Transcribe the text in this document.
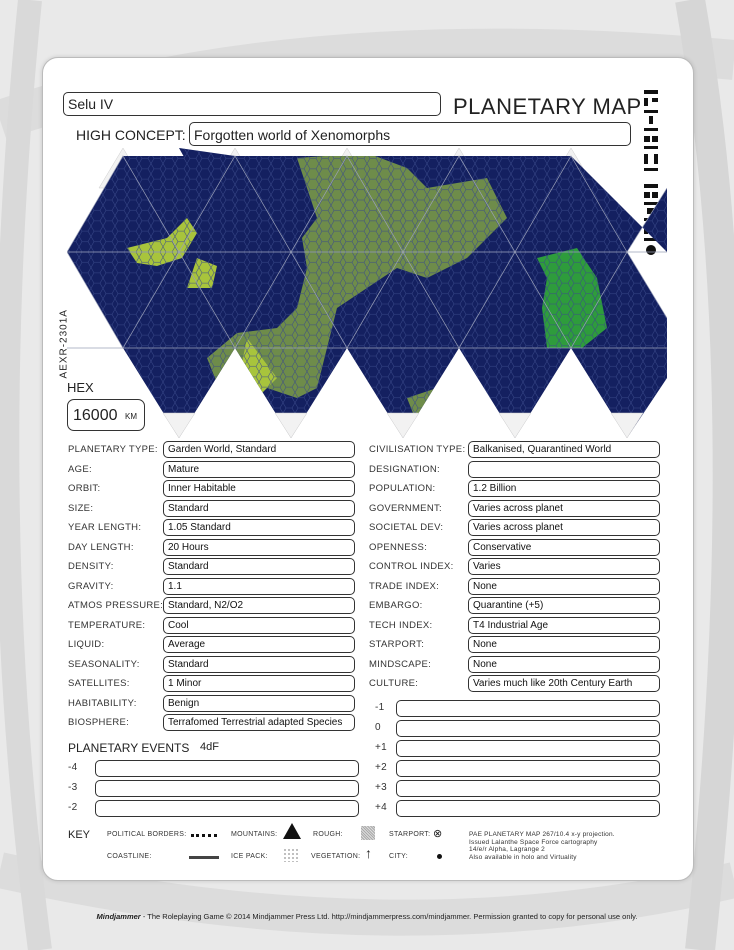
Selu IV	PLANETARY MAP
HIGH CONCEPT: Forgotten world of Xenomorphs
AEXR-2301A
HEX
16000 KM
PLANETARY TYPE:	Garden World, Standard
AGE:	Mature
ORBIT:	Inner Habitable
SIZE:	Standard
YEAR LENGTH:	1.05 Standard
DAY LENGTH:	20 Hours
DENSITY:	Standard
GRAVITY:	1.1
ATMOS PRESSURE: Standard, N2/O2
TEMPERATURE:	Cool
LIQUID:	Average
SEASONALITY:	Standard
SATELLITES:	1 Minor
HABITABILITY:	Benign
BIOSPHERE:	Terrafomed Terrestrial adapted Species
CIVILISATION TYPE: Balkanised, Quarantined World
DESIGNATION:
POPULATION:	1.2 Billion
GOVERNMENT:	Varies across planet
SOCIETAL DEV:	Varies across planet
OPENNESS:	Conservative
CONTROL INDEX:	Varies
TRADE INDEX:	None
EMBARGO:	Quarantine (+5)
TECH INDEX:	T4 Industrial Age
STARPORT:	None
MINDSCAPE:	None
CULTURE:	Varies much like 20th Century Earth
PLANETARY EVENTS 4dF
-4
-3
-2
-1
0
+1
+2
+3
+4
KEY POLITICAL BORDERS:	MOUNTAINS:	ROUGH:	STARPORT: ⊗
COASTLINE:	ICE PACK:	VEGETATION: ↑ CITY:
PAE PLANETARY MAP 267/10.4 x-y projection.
Issued Lalanthe Space Force cartography
14/e/r Alpha, Lagrange 2
Also available in holo and Virtuality
Mindjammer - The Roleplaying Game © 2014 Mindjammer Press Ltd. http://mindjammerpress.com/mindjammer. Permission granted to copy for personal use only.
